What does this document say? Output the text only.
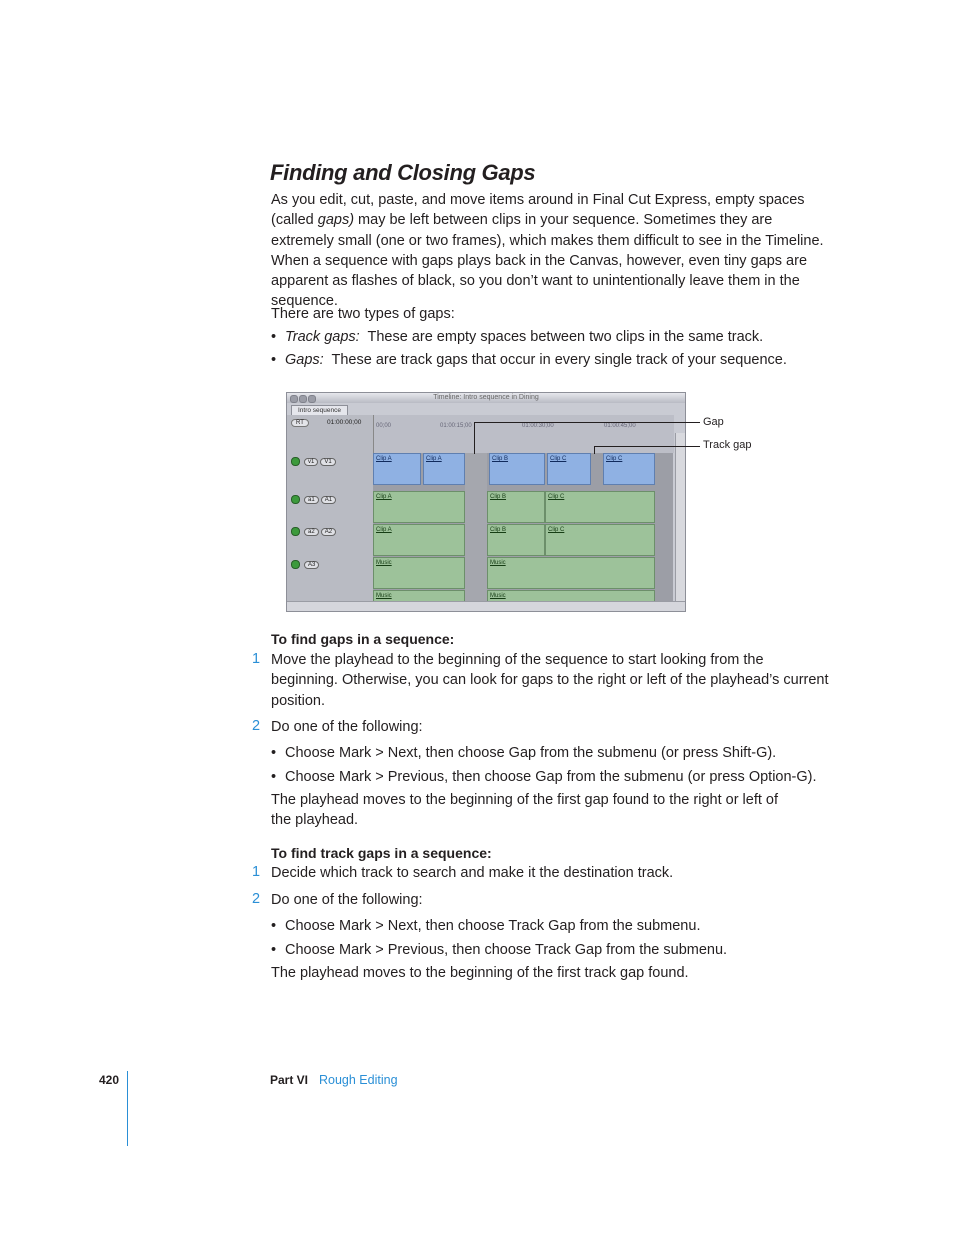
Finding and Closing Gaps
As you edit, cut, paste, and move items around in Final Cut Express, empty spaces (called gaps) may be left between clips in your sequence. Sometimes they are extremely small (one or two frames), which makes them difficult to see in the Timeline. When a sequence with gaps plays back in the Canvas, however, even tiny gaps are apparent as flashes of black, so you don’t want to unintentionally leave them in the sequence.
There are two types of gaps:
• Track gaps: These are empty spaces between two clips in the same track.
• Gaps: These are track gaps that occur in every single track of your sequence.
Timeline: Intro sequence in Dining
Intro sequence
RT	01:00:00;00
v1 V1
a1 A1
a2 A2
A3
00;00	01:00:15;00	01:00:30;00	01:00:45;00
Clip A	Clip A	Clip B	Clip C	Clip C
Clip A	Clip B	Clip C
Clip A	Clip B	Clip C
Music	Music
Music	Music
Gap
Track gap
To find gaps in a sequence:
1 Move the playhead to the beginning of the sequence to start looking from the beginning. Otherwise, you can look for gaps to the right or left of the playhead’s current position.
2 Do one of the following:
• Choose Mark > Next, then choose Gap from the submenu (or press Shift-G).
• Choose Mark > Previous, then choose Gap from the submenu (or press Option-G).
The playhead moves to the beginning of the first gap found to the right or left of the playhead.
To find track gaps in a sequence:
1 Decide which track to search and make it the destination track.
2 Do one of the following:
• Choose Mark > Next, then choose Track Gap from the submenu.
• Choose Mark > Previous, then choose Track Gap from the submenu.
The playhead moves to the beginning of the first track gap found.
420	Part VI Rough Editing
